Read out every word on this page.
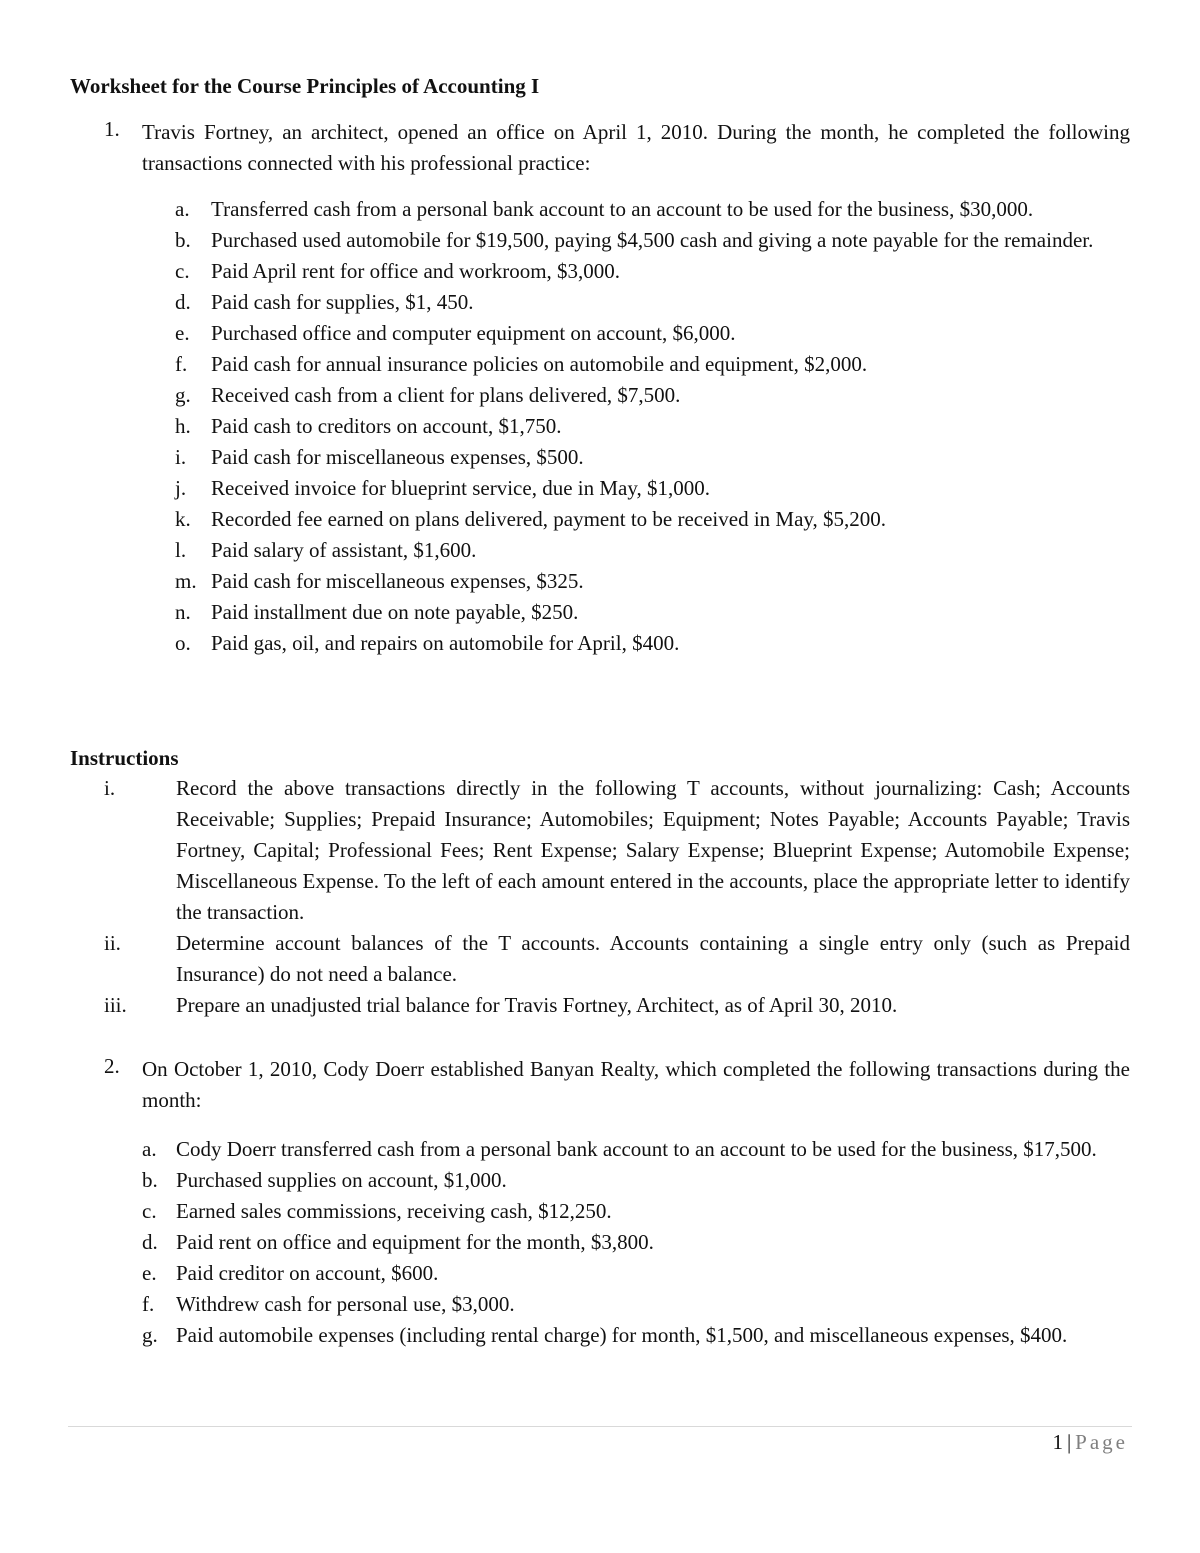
Worksheet for the Course Principles of Accounting I
1. Travis Fortney, an architect, opened an office on April 1, 2010. During the month, he completed the following transactions connected with his professional practice:
a.	Transferred cash from a personal bank account to an account to be used for the business, $30,000.
b. Purchased used automobile for $19,500, paying $4,500 cash and giving a note payable for the remainder.
c.	Paid April rent for office and workroom, $3,000.
d. Paid cash for supplies, $1, 450.
e.	Purchased office and computer equipment on account, $6,000.
f.	Paid cash for annual insurance policies on automobile and equipment, $2,000.
g. Received cash from a client for plans delivered, $7,500.
h. Paid cash to creditors on account, $1,750.
i.	Paid cash for miscellaneous expenses, $500.
j.	Received invoice for blueprint service, due in May, $1,000.
k. Recorded fee earned on plans delivered, payment to be received in May, $5,200.
l.	Paid salary of assistant, $1,600.
m. Paid cash for miscellaneous expenses, $325.
n. Paid installment due on note payable, $250.
o. Paid gas, oil, and repairs on automobile for April, $400.
Instructions
i.	Record the above transactions directly in the following T accounts, without journalizing: Cash; Accounts Receivable; Supplies; Prepaid Insurance; Automobiles; Equipment; Notes Payable; Accounts Payable; Travis Fortney, Capital; Professional Fees; Rent Expense; Salary Expense; Blueprint Expense; Automobile Expense; Miscellaneous Expense. To the left of each amount entered in the accounts, place the appropriate letter to identify the transaction.
ii.	Determine account balances of the T accounts. Accounts containing a single entry only (such as Prepaid Insurance) do not need a balance.
iii.	Prepare an unadjusted trial balance for Travis Fortney, Architect, as of April 30, 2010.
2. On October 1, 2010, Cody Doerr established Banyan Realty, which completed the following transactions during the month:
a. Cody Doerr transferred cash from a personal bank account to an account to be used for the business, $17,500.
b. Purchased supplies on account, $1,000.
c. Earned sales commissions, receiving cash, $12,250.
d. Paid rent on office and equipment for the month, $3,800.
e. Paid creditor on account, $600.
f.	Withdrew cash for personal use, $3,000.
g. Paid automobile expenses (including rental charge) for month, $1,500, and miscellaneous expenses, $400.
1 | Page
